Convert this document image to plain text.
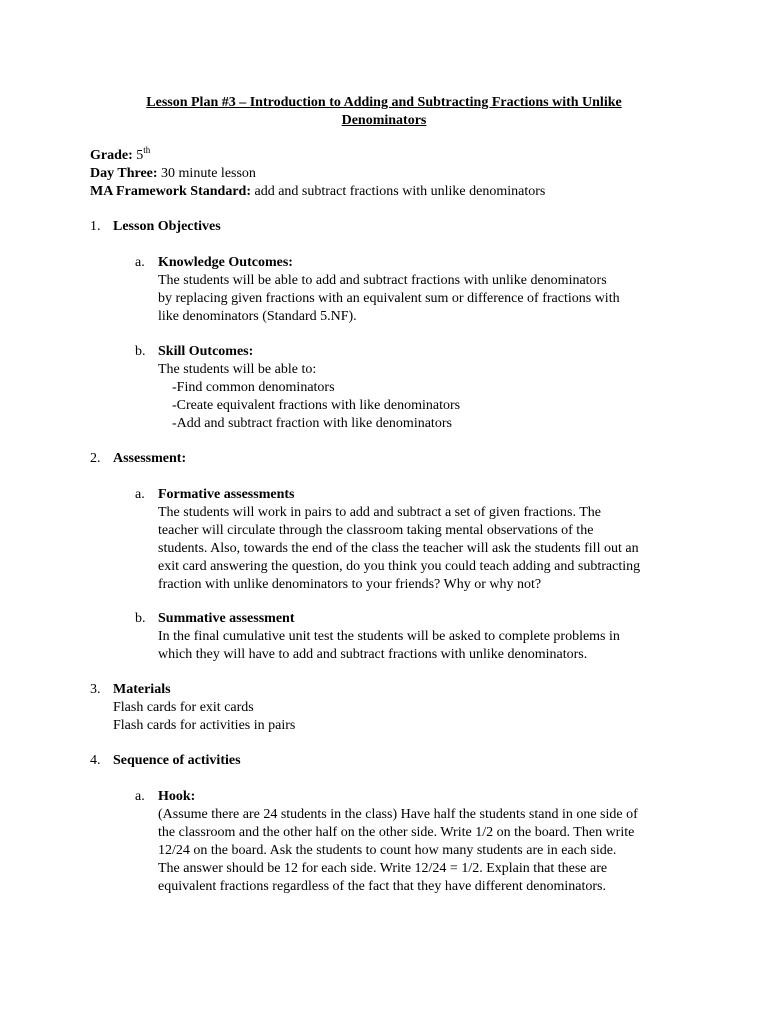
Lesson Plan #3 – Introduction to Adding and Subtracting Fractions with Unlike
Denominators
Grade: 5th
Day Three: 30 minute lesson
MA Framework Standard: add and subtract fractions with unlike denominators
1. Lesson Objectives
a. Knowledge Outcomes:
The students will be able to add and subtract fractions with unlike denominators
by replacing given fractions with an equivalent sum or difference of fractions with
like denominators (Standard 5.NF).
b. Skill Outcomes:
The students will be able to:
-Find common denominators
-Create equivalent fractions with like denominators
-Add and subtract fraction with like denominators
2. Assessment:
a. Formative assessments
The students will work in pairs to add and subtract a set of given fractions. The
teacher will circulate through the classroom taking mental observations of the
students. Also, towards the end of the class the teacher will ask the students fill out an
exit card answering the question, do you think you could teach adding and subtracting
fraction with unlike denominators to your friends? Why or why not?
b. Summative assessment
In the final cumulative unit test the students will be asked to complete problems in
which they will have to add and subtract fractions with unlike denominators.
3. Materials
Flash cards for exit cards
Flash cards for activities in pairs
4. Sequence of activities
a. Hook:
(Assume there are 24 students in the class) Have half the students stand in one side of
the classroom and the other half on the other side. Write 1/2 on the board. Then write
12/24 on the board. Ask the students to count how many students are in each side.
The answer should be 12 for each side. Write 12/24 = 1/2. Explain that these are
equivalent fractions regardless of the fact that they have different denominators.
